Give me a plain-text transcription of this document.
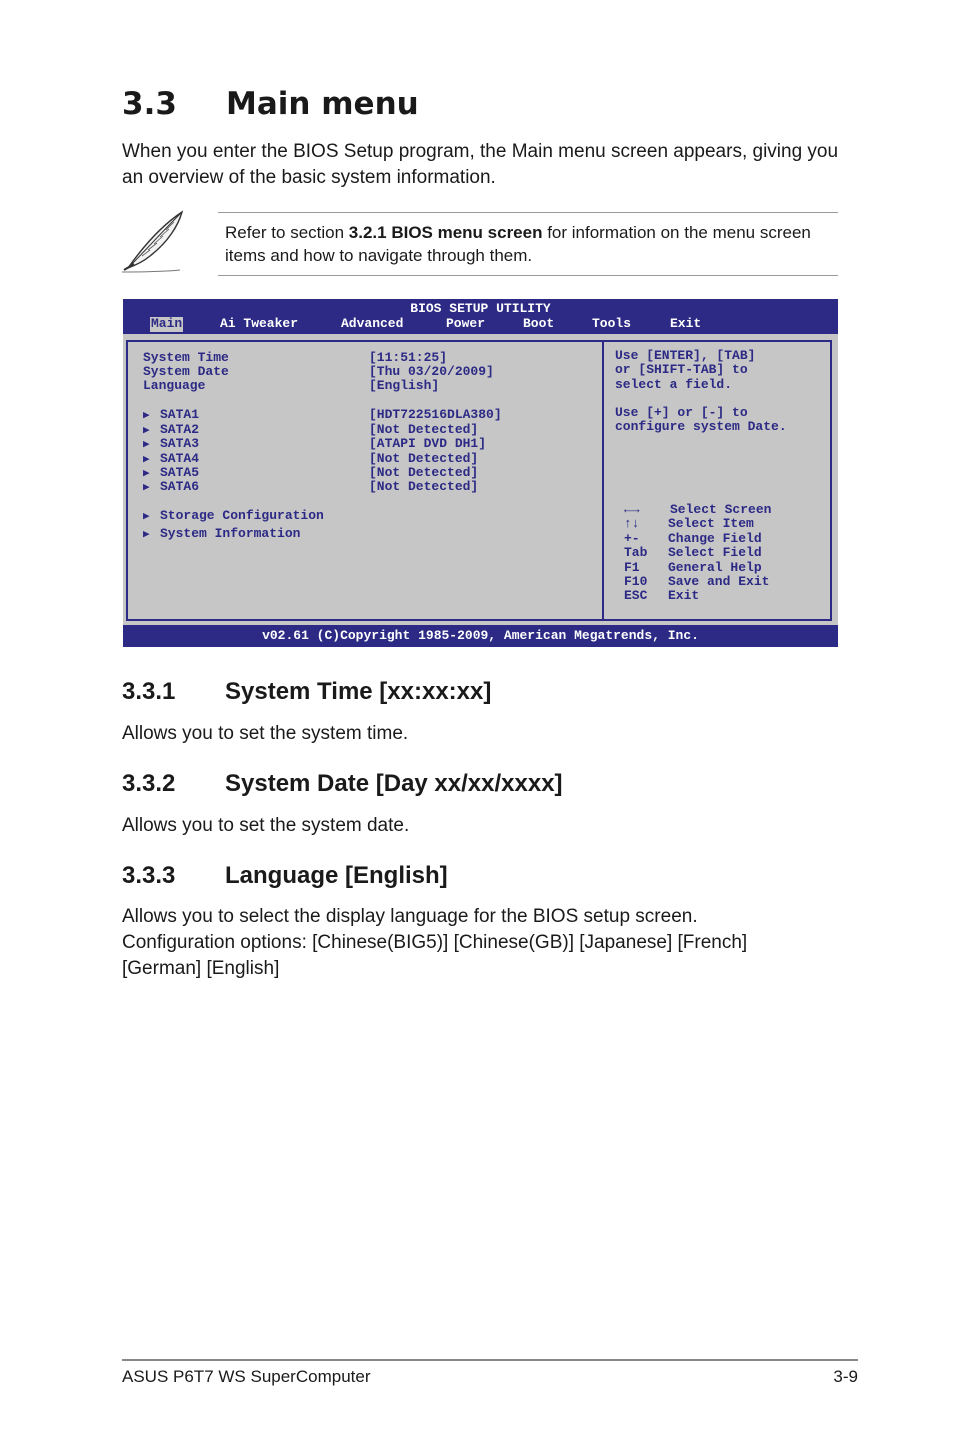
3.3 Main menu

When you enter the BIOS Setup program, the Main menu screen appears, giving you an overview of the basic system information.

Refer to section 3.2.1 BIOS menu screen for information on the menu screen items and how to navigate through them.

BIOS SETUP UTILITY
Main	Ai Tweaker	Advanced	Power	Boot	Tools	Exit
System Time	[11:51:25]
System Date	[Thu 03/20/2009]
Language	[English]
▶ SATA1	[HDT722516DLA380]
▶ SATA2	[Not Detected]
▶ SATA3	[ATAPI DVD DH1]
▶ SATA4	[Not Detected]
▶ SATA5	[Not Detected]
▶ SATA6	[Not Detected]
▶ Storage Configuration
▶ System Information
Use [ENTER], [TAB]
or [SHIFT-TAB] to
select a field.
Use [+] or [-] to
configure system Date.
←→ Select Screen
↑↓ Select Item
+- Change Field
Tab Select Field
F1 General Help
F10 Save and Exit
ESC Exit
v02.61 (C)Copyright 1985-2009, American Megatrends, Inc.
3.3.1 System Time [xx:xx:xx]

Allows you to set the system time.

3.3.2 System Date [Day xx/xx/xxxx]

Allows you to set the system date.

3.3.3 Language [English]

Allows you to select the display language for the BIOS setup screen. Configuration options: [Chinese(BIG5)] [Chinese(GB)] [Japanese] [French] [German] [English]

ASUS P6T7 WS SuperComputer	3-9
